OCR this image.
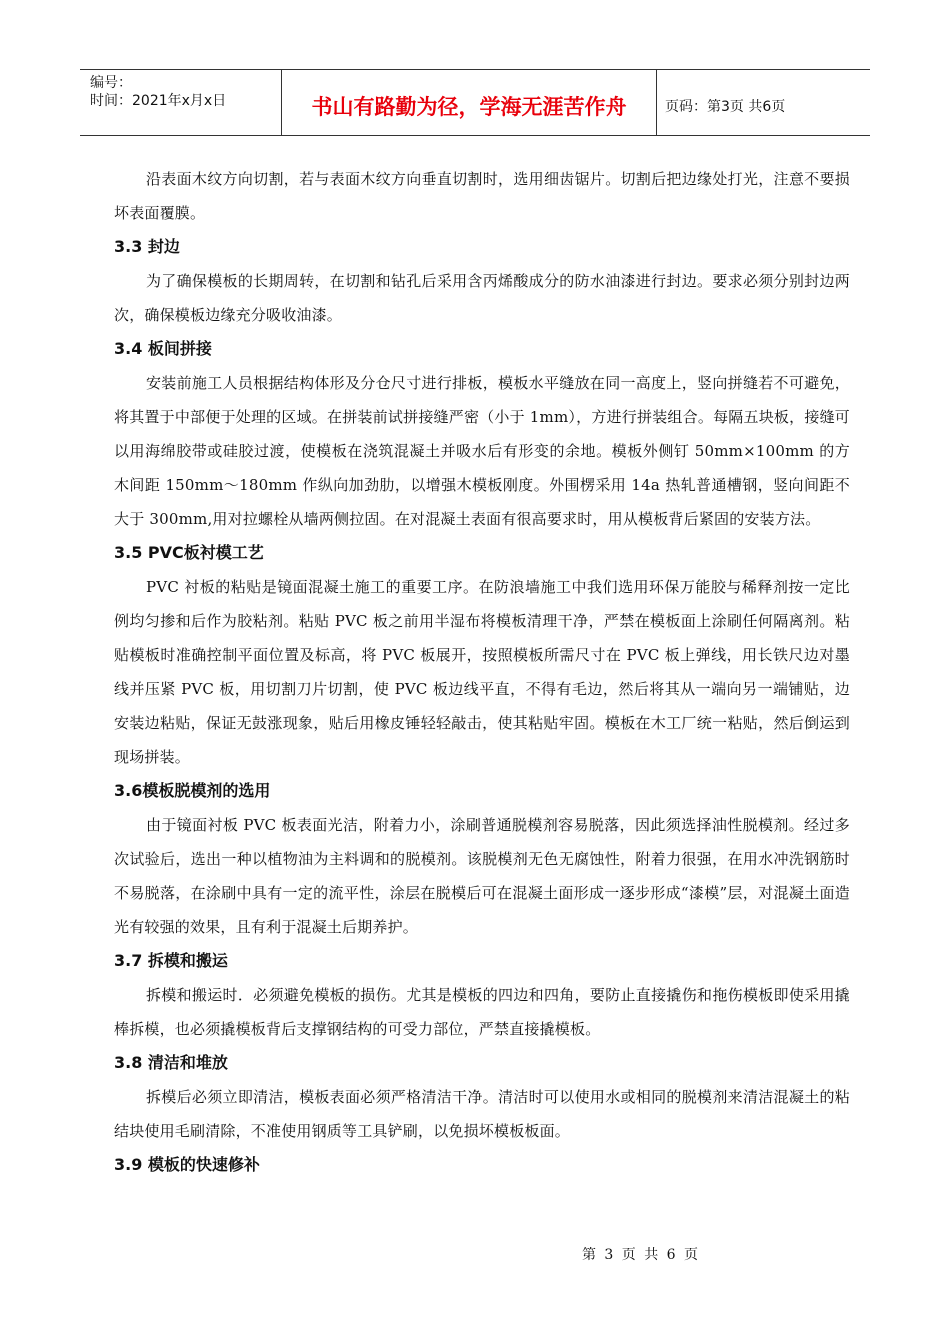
编号：
时间：2021年x月x日	书山有路勤为径，学海无涯苦作舟	页码：第3页 共6页

沿表面木纹方向切割，若与表面木纹方向垂直切割时，选用细齿锯片。切割后把边缘处打光，注意不要损坏表面覆膜。

3.3 封边

为了确保模板的长期周转，在切割和钻孔后采用含丙烯酸成分的防水油漆进行封边。要求必须分别封边两次，确保模板边缘充分吸收油漆。

3.4 板间拼接

安装前施工人员根据结构体形及分仓尺寸进行排板，模板水平缝放在同一高度上，竖向拼缝若不可避免，将其置于中部便于处理的区域。在拼装前试拼接缝严密（小于 1mm），方进行拼装组合。每隔五块板，接缝可以用海绵胶带或硅胶过渡，使模板在浇筑混凝土并吸水后有形变的余地。模板外侧钉 50mm×100mm 的方木间距 150mm～180mm 作纵向加劲肋，以增强木模板刚度。外围楞采用 14a 热轧普通槽钢，竖向间距不大于 300mm,用对拉螺栓从墙两侧拉固。在对混凝土表面有很高要求时，用从模板背后紧固的安装方法。

3.5 PVC板衬模工艺

PVC 衬板的粘贴是镜面混凝土施工的重要工序。在防浪墙施工中我们选用环保万能胶与稀释剂按一定比例均匀掺和后作为胶粘剂。粘贴 PVC 板之前用半湿布将模板清理干净，严禁在模板面上涂刷任何隔离剂。粘贴模板时准确控制平面位置及标高，将 PVC 板展开，按照模板所需尺寸在 PVC 板上弹线，用长铁尺边对墨线并压紧 PVC 板，用切割刀片切割，使 PVC 板边线平直，不得有毛边，然后将其从一端向另一端铺贴，边安装边粘贴，保证无鼓涨现象，贴后用橡皮锤轻轻敲击，使其粘贴牢固。模板在木工厂统一粘贴，然后倒运到现场拼装。

3.6模板脱模剂的选用

由于镜面衬板 PVC 板表面光洁，附着力小，涂刷普通脱模剂容易脱落，因此须选择油性脱模剂。经过多次试验后，选出一种以植物油为主料调和的脱模剂。该脱模剂无色无腐蚀性，附着力很强，在用水冲洗钢筋时不易脱落，在涂刷中具有一定的流平性，涂层在脱模后可在混凝土面形成一逐步形成“漆模”层，对混凝土面造光有较强的效果，且有利于混凝土后期养护。

3.7 拆模和搬运

拆模和搬运时．必须避免模板的损伤。尤其是模板的四边和四角，要防止直接撬伤和拖伤模板即使采用撬棒拆模，也必须撬模板背后支撑钢结构的可受力部位，严禁直接撬模板。

3.8 清洁和堆放

拆模后必须立即清洁，模板表面必须严格清洁干净。清洁时可以使用水或相同的脱模剂来清洁混凝土的粘结块使用毛刷清除，不准使用钢质等工具铲刷，以免损坏模板板面。

3.9 模板的快速修补

第 3 页 共 6 页
